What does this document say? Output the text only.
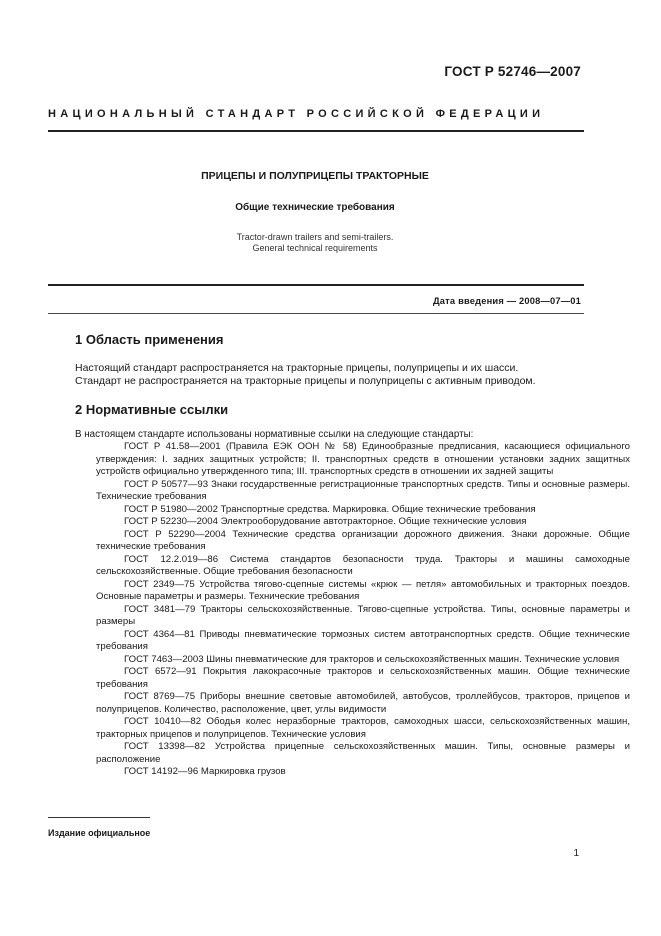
ГОСТ Р 52746—2007
НАЦИОНАЛЬНЫЙ СТАНДАРТ РОССИЙСКОЙ ФЕДЕРАЦИИ
ПРИЦЕПЫ И ПОЛУПРИЦЕПЫ ТРАКТОРНЫЕ
Общие технические требования
Tractor-drawn trailers and semi-trailers.
General technical requirements
Дата введения — 2008—07—01
1 Область применения
Настоящий стандарт распространяется на тракторные прицепы, полуприцепы и их шасси.
Стандарт не распространяется на тракторные прицепы и полуприцепы с активным приводом.
2 Нормативные ссылки
В настоящем стандарте использованы нормативные ссылки на следующие стандарты:
ГОСТ Р 41.58—2001 (Правила ЕЭК ООН № 58) Единообразные предписания, касающиеся официального утверждения: I. задних защитных устройств; II. транспортных средств в отношении установки задних защитных устройств официально утвержденного типа; III. транспортных средств в отношении их задней защиты
ГОСТ Р 50577—93 Знаки государственные регистрационные транспортных средств. Типы и основные размеры. Технические требования
ГОСТ Р 51980—2002 Транспортные средства. Маркировка. Общие технические требования
ГОСТ Р 52230—2004 Электрооборудование автотракторное. Общие технические условия
ГОСТ Р 52290—2004 Технические средства организации дорожного движения. Знаки дорожные. Общие технические требования
ГОСТ 12.2.019—86 Система стандартов безопасности труда. Тракторы и машины самоходные сельскохозяйственные. Общие требования безопасности
ГОСТ 2349—75 Устройства тягово-сцепные системы «крюк — петля» автомобильных и тракторных поездов. Основные параметры и размеры. Технические требования
ГОСТ 3481—79 Тракторы сельскохозяйственные. Тягово-сцепные устройства. Типы, основные параметры и размеры
ГОСТ 4364—81 Приводы пневматические тормозных систем автотранспортных средств. Общие технические требования
ГОСТ 7463—2003 Шины пневматические для тракторов и сельскохозяйственных машин. Технические условия
ГОСТ 6572—91 Покрытия лакокрасочные тракторов и сельскохозяйственных машин. Общие технические требования
ГОСТ 8769—75 Приборы внешние световые автомобилей, автобусов, троллейбусов, тракторов, прицепов и полуприцепов. Количество, расположение, цвет, углы видимости
ГОСТ 10410—82 Ободья колес неразборные тракторов, самоходных шасси, сельскохозяйственных машин, тракторных прицепов и полуприцепов. Технические условия
ГОСТ 13398—82 Устройства прицепные сельскохозяйственных машин. Типы, основные размеры и расположение
ГОСТ 14192—96 Маркировка грузов
Издание официальное
1
